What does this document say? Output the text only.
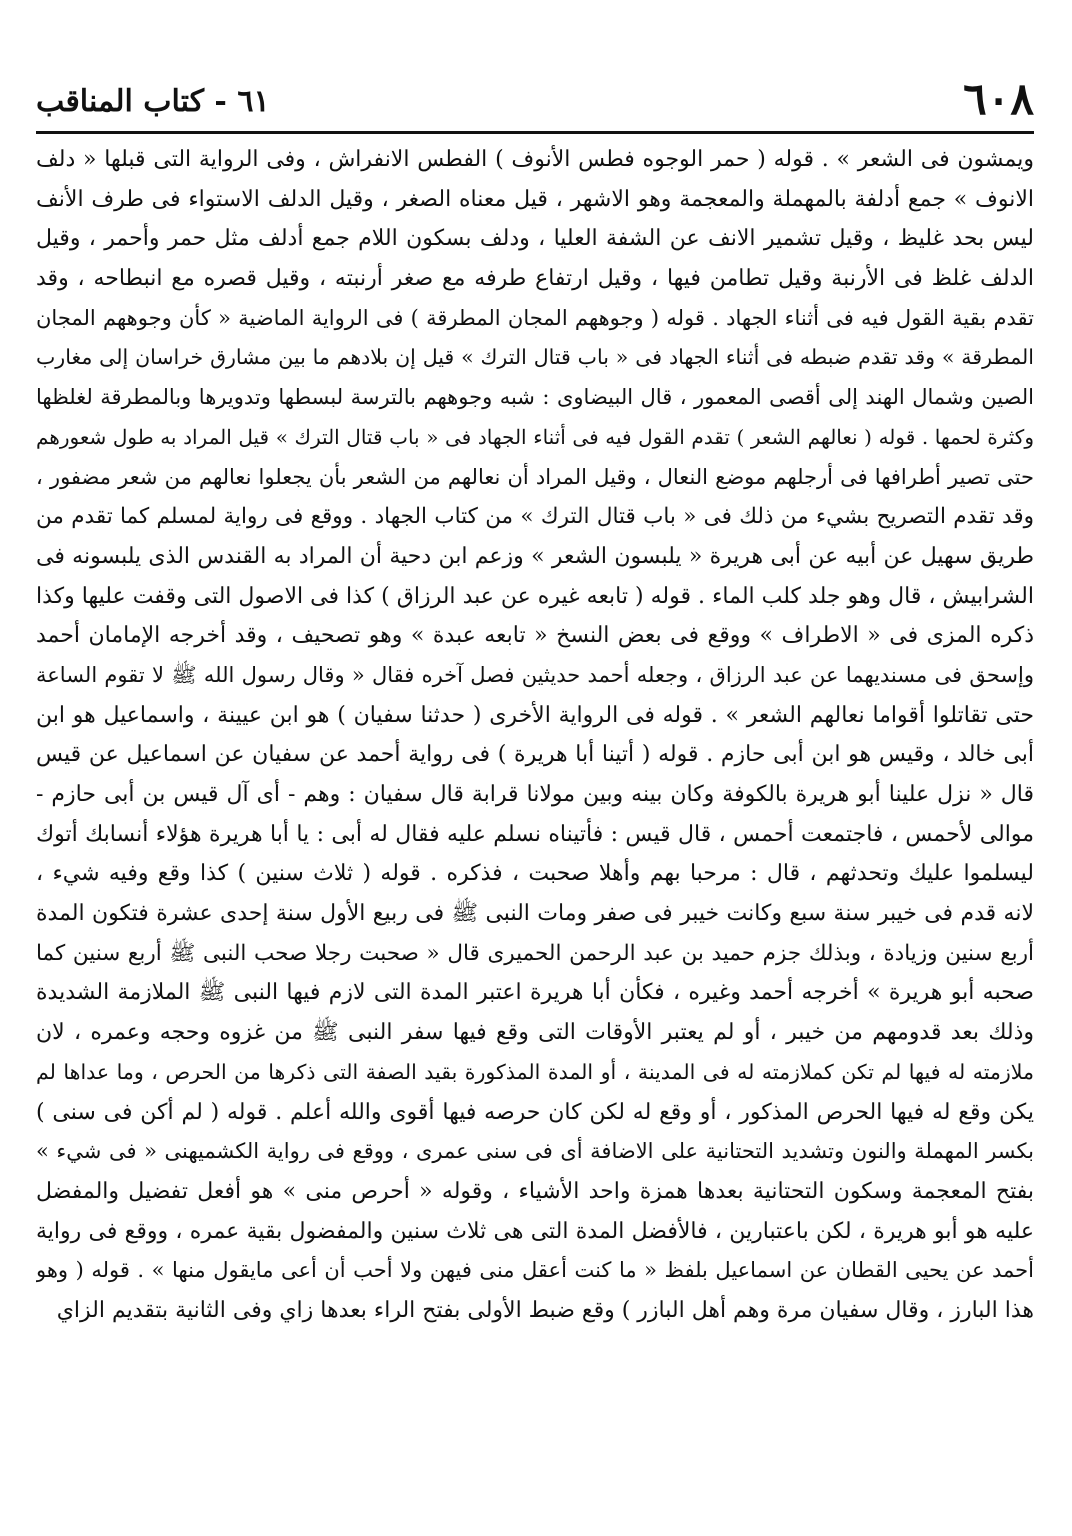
٦٠٨
٦١ - كتاب المناقب
ويمشون فى الشعر » . قوله ( حمر الوجوه فطس الأنوف ) الفطس الانفراش ، وفى الرواية التى قبلها « دلف
الانوف » جمع أدلفة بالمهملة والمعجمة وهو الاشهر ، قيل معناه الصغر ، وقيل الدلف الاستواء فى طرف الأنف
ليس بحد غليظ ، وقيل تشمير الانف عن الشفة العليا ، ودلف بسكون اللام جمع أدلف مثل حمر وأحمر ، وقيل
الدلف غلظ فى الأرنبة وقيل تطامن فيها ، وقيل ارتفاع طرفه مع صغر أرنبته ، وقيل قصره مع انبطاحه ، وقد
تقدم بقية القول فيه فى أثناء الجهاد . قوله ( وجوههم المجان المطرقة ) فى الرواية الماضية « كأن وجوههم المجان
المطرقة » وقد تقدم ضبطه فى أثناء الجهاد فى « باب قتال الترك » قيل إن بلادهم ما بين مشارق خراسان إلى مغارب
الصين وشمال الهند إلى أقصى المعمور ، قال البيضاوى : شبه وجوههم بالترسة لبسطها وتدويرها وبالمطرقة لغلظها
وكثرة لحمها . قوله ( نعالهم الشعر ) تقدم القول فيه فى أثناء الجهاد فى « باب قتال الترك » قيل المراد به طول شعورهم
حتى تصير أطرافها فى أرجلهم موضع النعال ، وقيل المراد أن نعالهم من الشعر بأن يجعلوا نعالهم من شعر مضفور ،
وقد تقدم التصريح بشيء من ذلك فى « باب قتال الترك » من كتاب الجهاد . ووقع فى رواية لمسلم كما تقدم من
طريق سهيل عن أبيه عن أبى هريرة « يلبسون الشعر » وزعم ابن دحية أن المراد به القندس الذى يلبسونه فى
الشرابيش ، قال وهو جلد كلب الماء . قوله ( تابعه غيره عن عبد الرزاق ) كذا فى الاصول التى وقفت عليها وكذا
ذكره المزى فى « الاطراف » ووقع فى بعض النسخ « تابعه عبدة » وهو تصحيف ، وقد أخرجه الإمامان أحمد
وإسحق فى مسنديهما عن عبد الرزاق ، وجعله أحمد حديثين فصل آخره فقال « وقال رسول الله ﷺ لا تقوم الساعة
حتى تقاتلوا أقواما نعالهم الشعر » . قوله فى الرواية الأخرى ( حدثنا سفيان ) هو ابن عيينة ، واسماعيل هو ابن
أبى خالد ، وقيس هو ابن أبى حازم . قوله ( أتينا أبا هريرة ) فى رواية أحمد عن سفيان عن اسماعيل عن قيس
قال « نزل علينا أبو هريرة بالكوفة وكان بينه وبين مولانا قرابة قال سفيان : وهم - أى آل قيس بن أبى حازم -
موالى لأحمس ، فاجتمعت أحمس ، قال قيس : فأتيناه نسلم عليه فقال له أبى : يا أبا هريرة هؤلاء أنسابك أتوك
ليسلموا عليك وتحدثهم ، قال : مرحبا بهم وأهلا صحبت ، فذكره . قوله ( ثلاث سنين ) كذا وقع وفيه شيء ،
لانه قدم فى خيبر سنة سبع وكانت خيبر فى صفر ومات النبى ﷺ فى ربيع الأول سنة إحدى عشرة فتكون المدة
أربع سنين وزيادة ، وبذلك جزم حميد بن عبد الرحمن الحميرى قال « صحبت رجلا صحب النبى ﷺ أربع سنين كما
صحبه أبو هريرة » أخرجه أحمد وغيره ، فكأن أبا هريرة اعتبر المدة التى لازم فيها النبى ﷺ الملازمة الشديدة
وذلك بعد قدومهم من خيبر ، أو لم يعتبر الأوقات التى وقع فيها سفر النبى ﷺ من غزوه وحجه وعمره ، لان
ملازمته له فيها لم تكن كملازمته له فى المدينة ، أو المدة المذكورة بقيد الصفة التى ذكرها من الحرص ، وما عداها لم
يكن وقع له فيها الحرص المذكور ، أو وقع له لكن كان حرصه فيها أقوى والله أعلم . قوله ( لم أكن فى سنى )
بكسر المهملة والنون وتشديد التحتانية على الاضافة أى فى سنى عمرى ، ووقع فى رواية الكشميهنى « فى شيء »
بفتح المعجمة وسكون التحتانية بعدها همزة واحد الأشياء ، وقوله « أحرص منى » هو أفعل تفضيل والمفضل
عليه هو أبو هريرة ، لكن باعتبارين ، فالأفضل المدة التى هى ثلاث سنين والمفضول بقية عمره ، ووقع فى رواية
أحمد عن يحيى القطان عن اسماعيل بلفظ « ما كنت أعقل منى فيهن ولا أحب أن أعى مايقول منها » . قوله ( وهو
هذا البارز ، وقال سفيان مرة وهم أهل البازر ) وقع ضبط الأولى بفتح الراء بعدها زاي وفى الثانية بتقديم الزاي
